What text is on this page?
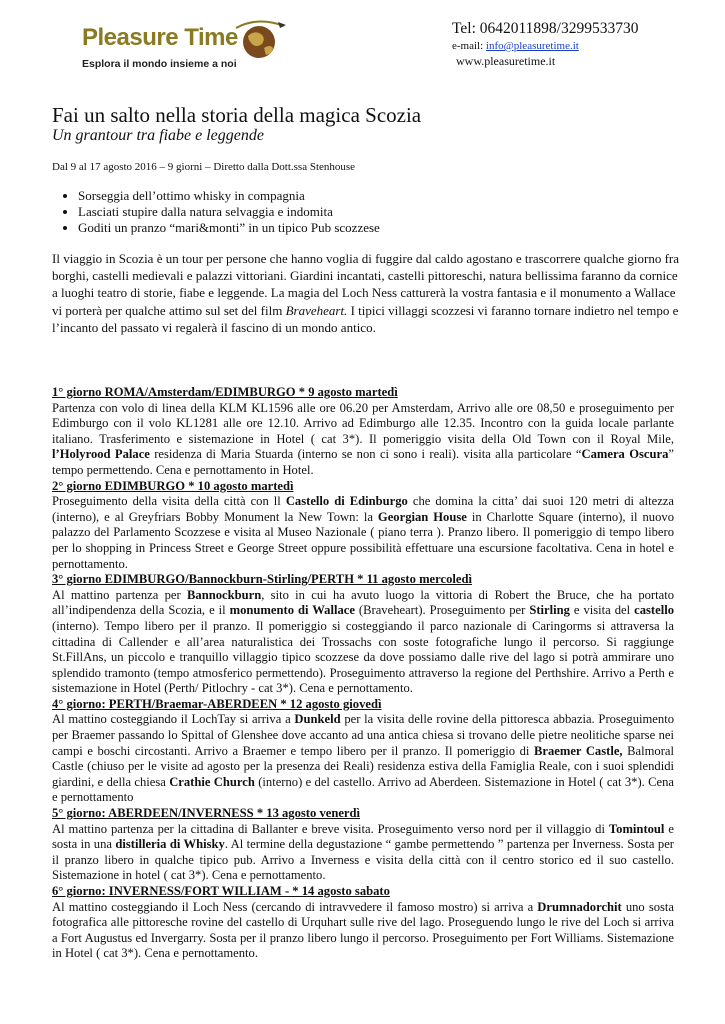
Pleasure Time
Esplora il mondo insieme a noi
Tel: 0642011898/3299533730
e-mail: info@pleasuretime.it
www.pleasuretime.it
Fai un salto nella storia della magica Scozia
Un grantour tra fiabe e leggende
Dal 9 al 17 agosto 2016 – 9 giorni – Diretto dalla Dott.ssa Stenhouse
• Sorseggia dell’ottimo whisky in compagnia
• Lasciati stupire dalla natura selvaggia e indomita
• Goditi un pranzo “mari&monti” in un tipico Pub scozzese
Il viaggio in Scozia è un tour per persone che hanno voglia di fuggire dal caldo agostano e trascorrere qualche giorno fra borghi, castelli medievali e palazzi vittoriani. Giardini incantati, castelli pittoreschi, natura bellissima faranno da cornice a luoghi teatro di storie, fiabe e leggende. La magia del Loch Ness catturerà la vostra fantasia e il monumento a Wallace vi porterà per qualche attimo sul set del film Braveheart. I tipici villaggi scozzesi vi faranno tornare indietro nel tempo e l’incanto del passato vi regalerà il fascino di un mondo antico.
1° giorno ROMA/Amsterdam/EDIMBURGO * 9 agosto martedì
Partenza con volo di linea della KLM KL1596 alle ore 06.20 per Amsterdam, Arrivo alle ore 08,50 e proseguimento per Edimburgo con il volo KL1281 alle ore 12.10. Arrivo ad Edimburgo alle 12.35. Incontro con la guida locale parlante italiano. Trasferimento e sistemazione in Hotel ( cat 3*). Il pomeriggio visita della Old Town con il Royal Mile, l’Holyrood Palace residenza di Maria Stuarda (interno se non ci sono i reali). visita alla particolare “Camera Oscura” tempo permettendo. Cena e pernottamento in Hotel.
2° giorno EDIMBURGO * 10 agosto martedì
Proseguimento della visita della città con ll Castello di Edinburgo che domina la citta’ dai suoi 120 metri di altezza (interno), e al Greyfriars Bobby Monument la New Town: la Georgian House in Charlotte Square (interno), il nuovo palazzo del Parlamento Scozzese e visita al Museo Nazionale ( piano terra ). Pranzo libero. Il pomeriggio di tempo libero per lo shopping in Princess Street e George Street oppure possibilità effettuare una escursione facoltativa. Cena in hotel e pernottamento.
3° giorno EDIMBURGO/Bannockburn-Stirling/PERTH * 11 agosto mercoledì
Al mattino partenza per Bannockburn, sito in cui ha avuto luogo la vittoria di Robert the Bruce, che ha portato all’indipendenza della Scozia, e il monumento di Wallace (Braveheart). Proseguimento per Stirling e visita del castello (interno). Tempo libero per il pranzo. Il pomeriggio si costeggiando il parco nazionale di Caringorms si attraversa la cittadina di Callender e all’area naturalistica dei Trossachs con soste fotografiche lungo il percorso. Si raggiunge St.FillAns, un piccolo e tranquillo villaggio tipico scozzese da dove possiamo dalle rive del lago si potrà ammirare uno splendido tramonto (tempo atmosferico permettendo). Proseguimento attraverso la regione del Perthshire. Arrivo a Perth e sistemazione in Hotel (Perth/ Pitlochry - cat 3*). Cena e pernottamento.
4° giorno: PERTH/Braemar-ABERDEEN * 12 agosto giovedì
Al mattino costeggiando il LochTay si arriva a Dunkeld per la visita delle rovine della pittoresca abbazia. Proseguimento per Braemer passando lo Spittal of Glenshee dove accanto ad una antica chiesa si trovano delle pietre neolitiche sparse nei campi e boschi circostanti. Arrivo a Braemer e tempo libero per il pranzo. Il pomeriggio di Braemer Castle, Balmoral Castle (chiuso per le visite ad agosto per la presenza dei Reali) residenza estiva della Famiglia Reale, con i suoi splendidi giardini, e della chiesa Crathie Church (interno) e del castello. Arrivo ad Aberdeen. Sistemazione in Hotel ( cat 3*). Cena e pernottamento
5° giorno: ABERDEEN/INVERNESS * 13 agosto venerdì
Al mattino partenza per la cittadina di Ballanter e breve visita. Proseguimento verso nord per il villaggio di Tomintoul e sosta in una distilleria di Whisky. Al termine della degustazione “ gambe permettendo ” partenza per Inverness. Sosta per il pranzo libero in qualche tipico pub. Arrivo a Inverness e visita della città con il centro storico ed il suo castello. Sistemazione in hotel ( cat 3*). Cena e pernottamento.
6° giorno: INVERNESS/FORT WILLIAM - * 14 agosto sabato
Al mattino costeggiando il Loch Ness (cercando di intravvedere il famoso mostro) si arriva a Drumnadorchit uno sosta fotografica alle pittoresche rovine del castello di Urquhart sulle rive del lago. Proseguendo lungo le rive del Loch si arriva a Fort Augustus ed Invergarry. Sosta per il pranzo libero lungo il percorso. Proseguimento per Fort Williams. Sistemazione in Hotel ( cat 3*). Cena e pernottamento.
